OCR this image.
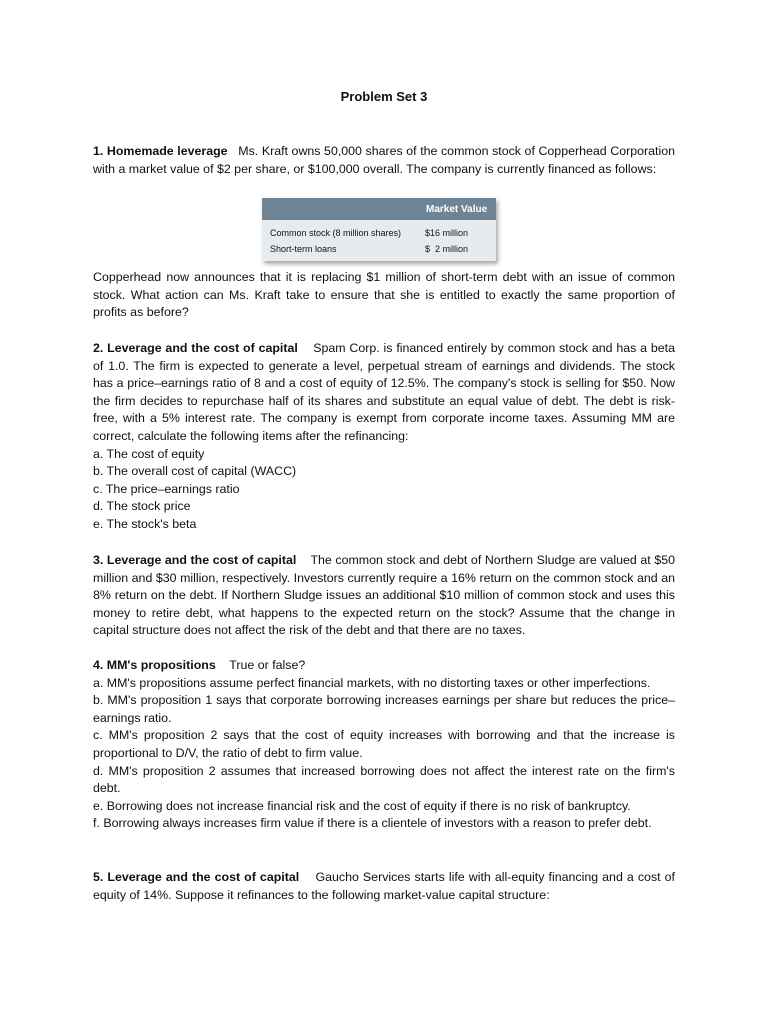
Problem Set 3
1. Homemade leverage Ms. Kraft owns 50,000 shares of the common stock of Copperhead Corporation with a market value of $2 per share, or $100,000 overall. The company is currently financed as follows:
Market Value
Common stock (8 million shares)	$16 million
Short-term loans	$  2 million
Copperhead now announces that it is replacing $1 million of short-term debt with an issue of common stock. What action can Ms. Kraft take to ensure that she is entitled to exactly the same proportion of profits as before?
2. Leverage and the cost of capital Spam Corp. is financed entirely by common stock and has a beta of 1.0. The firm is expected to generate a level, perpetual stream of earnings and dividends. The stock has a price–earnings ratio of 8 and a cost of equity of 12.5%. The company's stock is selling for $50. Now the firm decides to repurchase half of its shares and substitute an equal value of debt. The debt is risk-free, with a 5% interest rate. The company is exempt from corporate income taxes. Assuming MM are correct, calculate the following items after the refinancing:
a. The cost of equity
b. The overall cost of capital (WACC)
c. The price–earnings ratio
d. The stock price
e. The stock's beta
3. Leverage and the cost of capital The common stock and debt of Northern Sludge are valued at $50 million and $30 million, respectively. Investors currently require a 16% return on the common stock and an 8% return on the debt. If Northern Sludge issues an additional $10 million of common stock and uses this money to retire debt, what happens to the expected return on the stock? Assume that the change in capital structure does not affect the risk of the debt and that there are no taxes.
4. MM's propositions True or false?
a. MM's propositions assume perfect financial markets, with no distorting taxes or other imperfections.
b. MM's proposition 1 says that corporate borrowing increases earnings per share but reduces the price–earnings ratio.
c. MM's proposition 2 says that the cost of equity increases with borrowing and that the increase is proportional to D/V, the ratio of debt to firm value.
d. MM's proposition 2 assumes that increased borrowing does not affect the interest rate on the firm's debt.
e. Borrowing does not increase financial risk and the cost of equity if there is no risk of bankruptcy.
f. Borrowing always increases firm value if there is a clientele of investors with a reason to prefer debt.
5. Leverage and the cost of capital Gaucho Services starts life with all-equity financing and a cost of equity of 14%. Suppose it refinances to the following market-value capital structure:
